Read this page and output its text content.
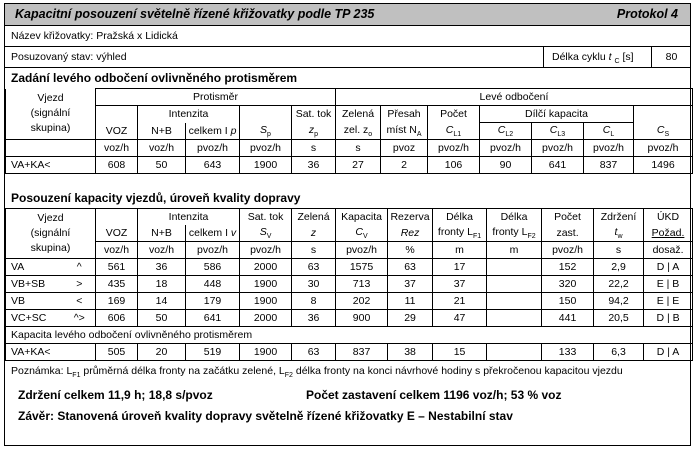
Kapacitní posouzení světelně řízené křižovatky podle TP 235	Protokol 4
Název křižovatky: Pražská x Lidická
Posuzovaný stav: výhled	Délka cyklu t $_C$ [s]	80
Zadání levého odbočení ovlivněného protisměrem
Vjezd
(signální
skupina)	Protisměr					Levé odbočení							
		Intenzita			Sat. tok	Zelená	Přesah	Počet	Dílčí kapacita				
	VOZ	N+B	celkem I p	$S_p$	$z_p$	zel. $z_o$	míst $N_A$	$C_{L1}$	$C_{L2}$	$C_{L3}$	$C_L$	$C_S$
	voz/h	voz/h	pvoz/h	pvoz/h	s	s	pvoz	pvoz/h	pvoz/h	pvoz/h	pvoz/h	pvoz/h	
VA+KA<	608	50	643	1900	36	27	2	106	90	641	837	1496	
Posouzení kapacity vjezdů, úroveň kvality dopravy
Vjezd
(signální
skupina)			Intenzita		Sat. tok	Zelená	Kapacita	Rezerva	Délka	Délka	Počet	Zdržení	ÚKD
		VOZ	N+B	celkem I v	$S_V$	z	$C_V$	Rez	fronty $L_{F1}$	fronty $L_{F2}$	zast.	$t_w$	Požad.
		voz/h	voz/h	pvoz/h	pvoz/h	s	pvoz/h	%	m	m	pvoz/h	s	dosaž.
VA	^	561	36	586	2000	63	1575	63	17		152	2,9	D | A
VB+SB	>	435	18	448	1900	30	713	37	37		320	22,2	E | B
VB	<	169	14	179	1900	8	202	11	21		150	94,2	E | E
VC+SC	^>	606	50	641	2000	36	900	29	47		441	20,5	D | B
Kapacita levého odbočení ovlivněného protisměrem													
VA+KA<		505	20	519	1900	63	837	38	15		133	6,3	D | A
Poznámka: $L_{F1}$ průměrná délka fronty na začátku zelené, $L_{F2}$ délka fronty na konci návrhové hodiny s překročenou kapacitou vjezdu
Zdržení celkem 11,9 h; 18,8 s/pvoz	Počet zastavení celkem 1196 voz/h; 53 % voz
Závěr: Stanovená úroveň kvality dopravy světelně řízené křižovatky E – Nestabilní stav
